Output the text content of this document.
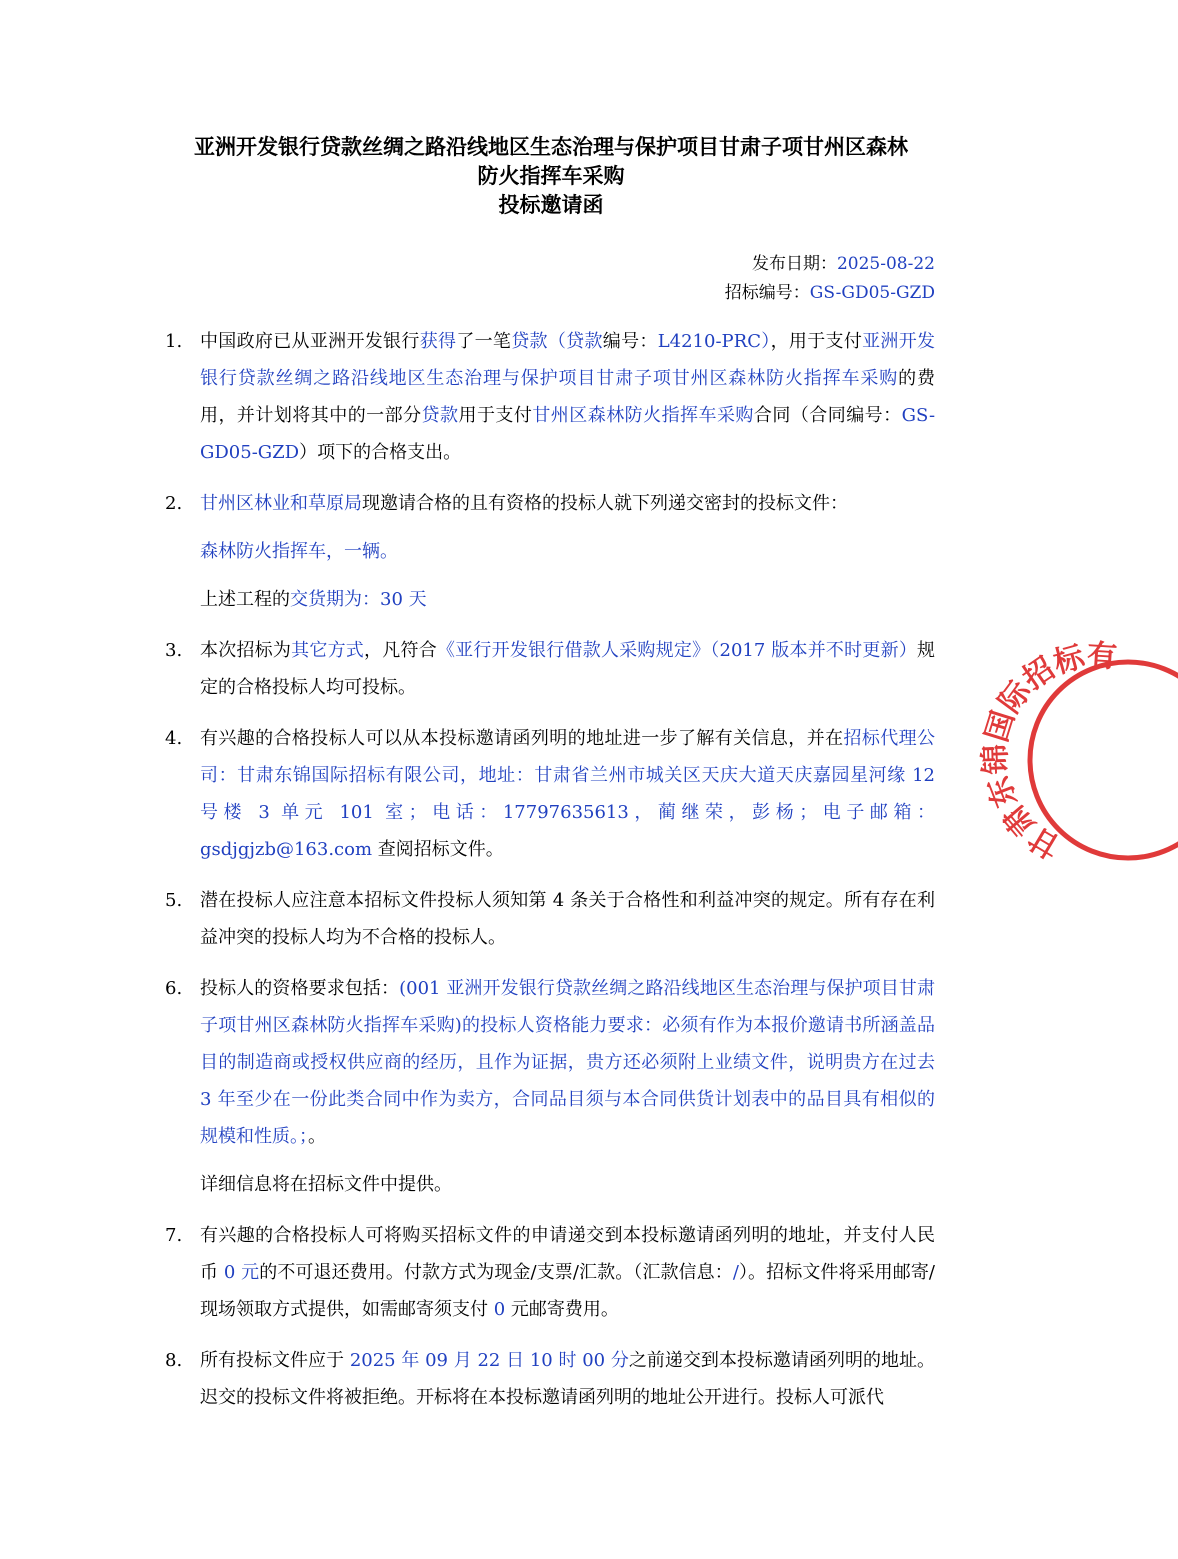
亚洲开发银行贷款丝绸之路沿线地区生态治理与保护项目甘肃子项甘州区森林
防火指挥车采购
投标邀请函
发布日期：2025-08-22
招标编号：GS-GD05-GZD
1. 中国政府已从亚洲开发银行获得了一笔贷款（贷款编号：L4210-PRC），用于支付亚洲开发银行贷款丝绸之路沿线地区生态治理与保护项目甘肃子项甘州区森林防火指挥车采购的费用，并计划将其中的一部分贷款用于支付甘州区森林防火指挥车采购合同（合同编号：GS-GD05-GZD）项下的合格支出。

2. 甘州区林业和草原局现邀请合格的且有资格的投标人就下列递交密封的投标文件：

森林防火指挥车，一辆。

上述工程的交货期为：30 天

3. 本次招标为其它方式，凡符合《亚行开发银行借款人采购规定》（2017 版本并不时更新）规定的合格投标人均可投标。

4. 有兴趣的合格投标人可以从本投标邀请函列明的地址进一步了解有关信息，并在招标代理公司：甘肃东锦国际招标有限公司，地址：甘肃省兰州市城关区天庆大道天庆嘉园星河缘 12 号楼 3 单元 101 室；电话：17797635613，蔺继荣，彭杨；电子邮箱：gsdjgjzb@163.com 查阅招标文件。

5. 潜在投标人应注意本招标文件投标人须知第 4 条关于合格性和利益冲突的规定。所有存在利益冲突的投标人均为不合格的投标人。

6. 投标人的资格要求包括：(001 亚洲开发银行贷款丝绸之路沿线地区生态治理与保护项目甘肃子项甘州区森林防火指挥车采购)的投标人资格能力要求：必须有作为本报价邀请书所涵盖品目的制造商或授权供应商的经历，且作为证据，贵方还必须附上业绩文件，说明贵方在过去 3 年至少在一份此类合同中作为卖方，合同品目须与本合同供货计划表中的品目具有相似的规模和性质。；。

详细信息将在招标文件中提供。

7. 有兴趣的合格投标人可将购买招标文件的申请递交到本投标邀请函列明的地址，并支付人民币 0 元的不可退还费用。付款方式为现金/支票/汇款。（汇款信息：/）。招标文件将采用邮寄/现场领取方式提供，如需邮寄须支付 0 元邮寄费用。

8. 所有投标文件应于 2025 年 09 月 22 日 10 时 00 分之前递交到本投标邀请函列明的地址。迟交的投标文件将被拒绝。开标将在本投标邀请函列明的地址公开进行。投标人可派代

甘肃东锦国际招标有限公司
